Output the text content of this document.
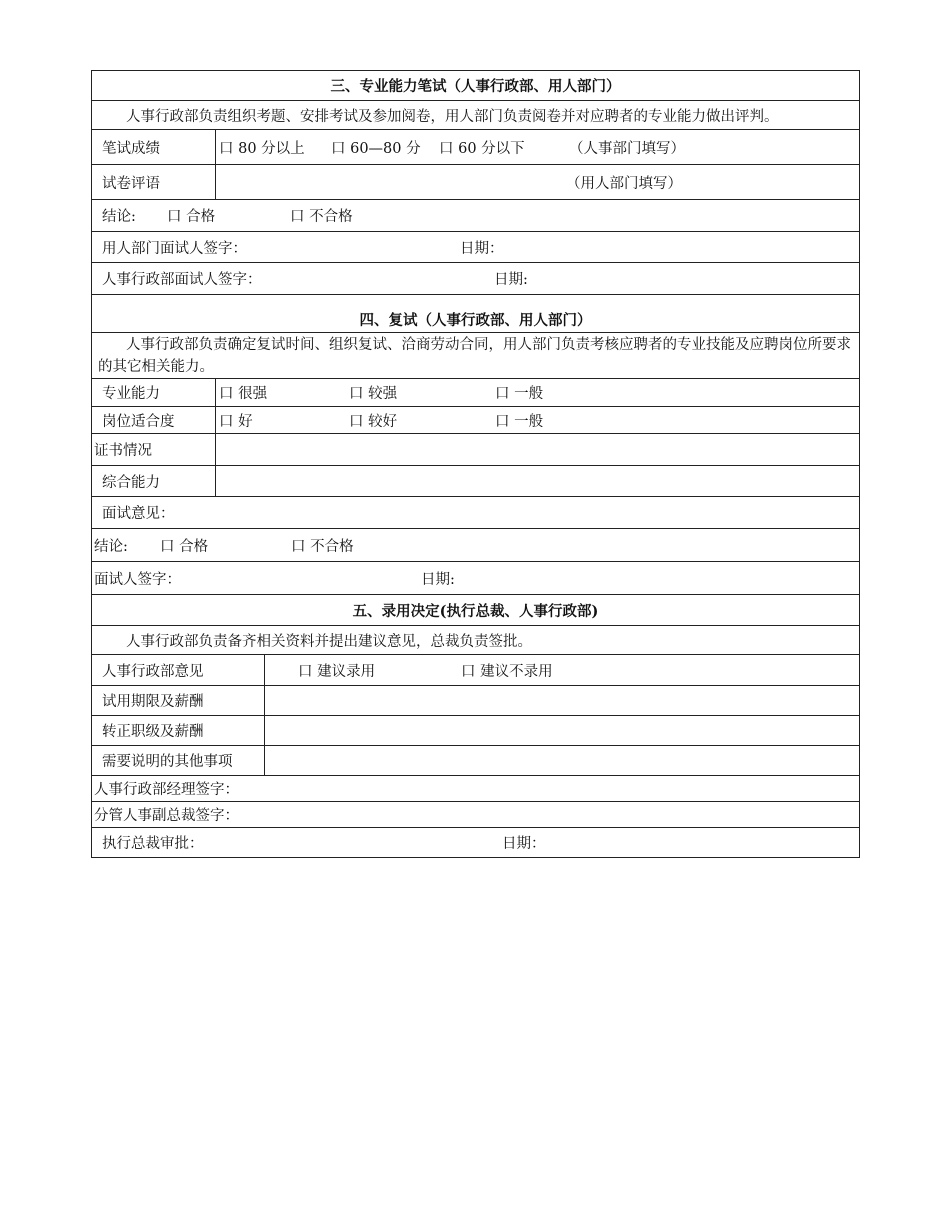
三、专业能力笔试（人事行政部、用人部门）
人事行政部负责组织考题、安排考试及参加阅卷，用人部门负责阅卷并对应聘者的专业能力做出评判。
笔试成绩	口 80 分以上	口 60—80 分	口 60 分以下	（人事部门填写）
试卷评语	（用人部门填写）
结论:	口 合格	口 不合格
用人部门面试人签字：	日期：
人事行政部面试人签字：	日期:
四、复试（人事行政部、用人部门）
人事行政部负责确定复试时间、组织复试、洽商劳动合同，用人部门负责考核应聘者的专业技能及应聘岗位所要求的其它相关能力。
专业能力	口 很强	口 较强	口 一般
岗位适合度	口 好	口 较好	口 一般
证书情况
综合能力
面试意见：
结论:	口 合格	口 不合格
面试人签字：	日期:
五、录用决定(执行总裁、人事行政部)
人事行政部负责备齐相关资料并提出建议意见，总裁负责签批。
人事行政部意见	口 建议录用	口 建议不录用
试用期限及薪酬
转正职级及薪酬
需要说明的其他事项
人事行政部经理签字：
分管人事副总裁签字：
执行总裁审批：	日期：
